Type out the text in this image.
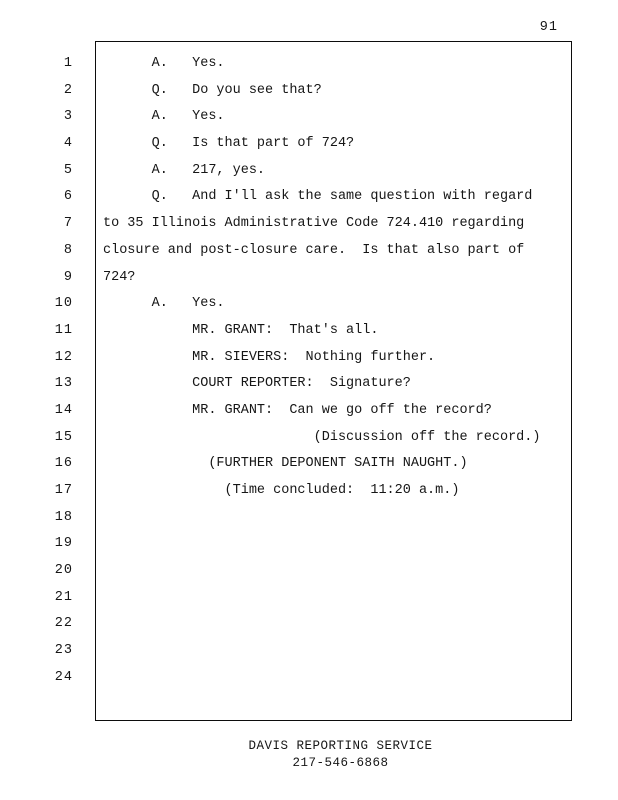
91
1 A.   Yes.
2 Q.   Do you see that?
3 A.   Yes.
4 Q.   Is that part of 724?
5 A.   217, yes.
6 Q.   And I'll ask the same question with regard
7 to 35 Illinois Administrative Code 724.410 regarding
8 closure and post-closure care.  Is that also part of
9 724?
10 A.   Yes.
11 MR. GRANT:  That's all.
12 MR. SIEVERS:  Nothing further.
13 COURT REPORTER:  Signature?
14 MR. GRANT:  Can we go off the record?
15 (Discussion off the record.)
16 (FURTHER DEPONENT SAITH NAUGHT.)
17 (Time concluded:  11:20 a.m.)
18
19
20
21
22
23
24
DAVIS REPORTING SERVICE
217-546-6868
